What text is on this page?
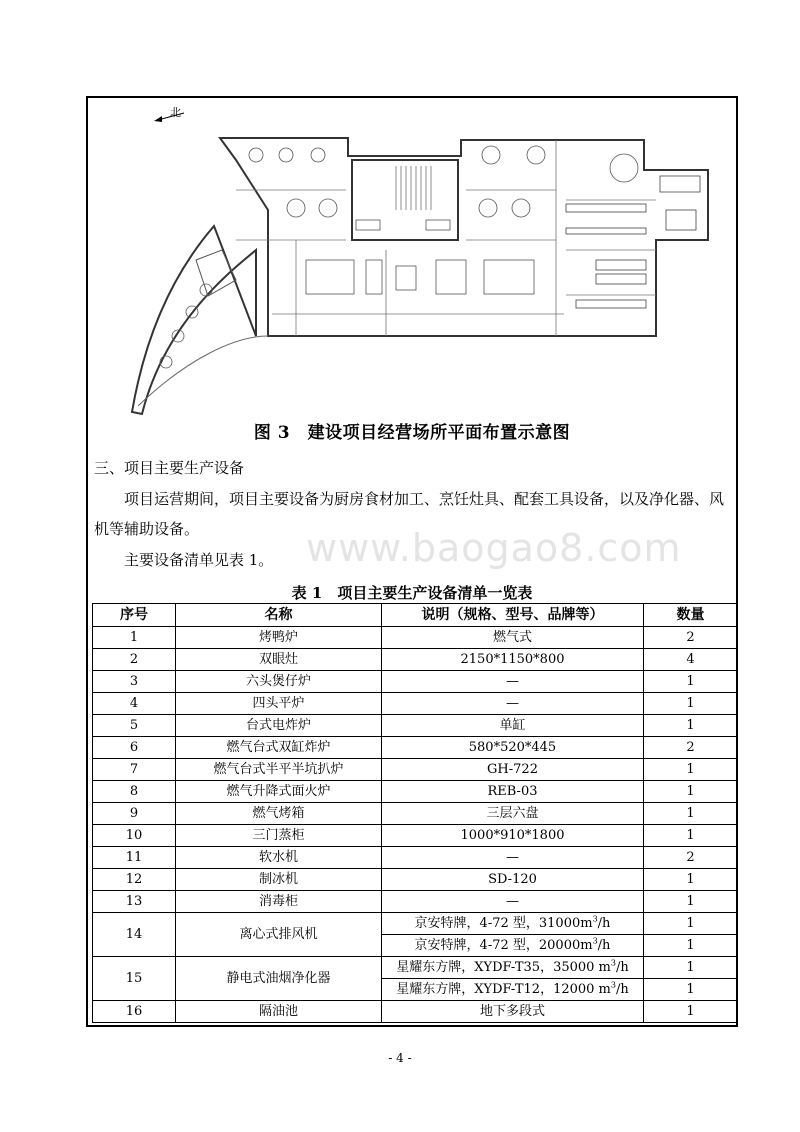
北
图 3　建设项目经营场所平面布置示意图
三、项目主要生产设备
项目运营期间，项目主要设备为厨房食材加工、烹饪灶具、配套工具设备，以及净化器、风机等辅助设备。	www.baogao8.com
主要设备清单见表 1。
表 1　项目主要生产设备清单一览表
序号	名称	说明（规格、型号、品牌等）	数量
1	烤鸭炉	燃气式	2
2	双眼灶	2150*1150*800	4
3	六头煲仔炉	—	1
4	四头平炉	—	1
5	台式电炸炉	单缸	1
6	燃气台式双缸炸炉	580*520*445	2
7	燃气台式半平半坑扒炉	GH-722	1
8	燃气升降式面火炉	REB-03	1
9	燃气烤箱	三层六盘	1
10	三门蒸柜	1000*910*1800	1
11	软水机	—	2
12	制冰机	SD-120	1
13	消毒柜	—	1
14	离心式排风机	京安特牌，4-72 型，$31000m^3/h$	1
		京安特牌，4-72 型，$20000m^3/h$	1
15	静电式油烟净化器	星耀东方牌，XYDF-T35，35000 $m^3/h$	1
		星耀东方牌，XYDF-T12，12000 $m^3/h$	1
16	隔油池	地下多段式	1
- 4 -
